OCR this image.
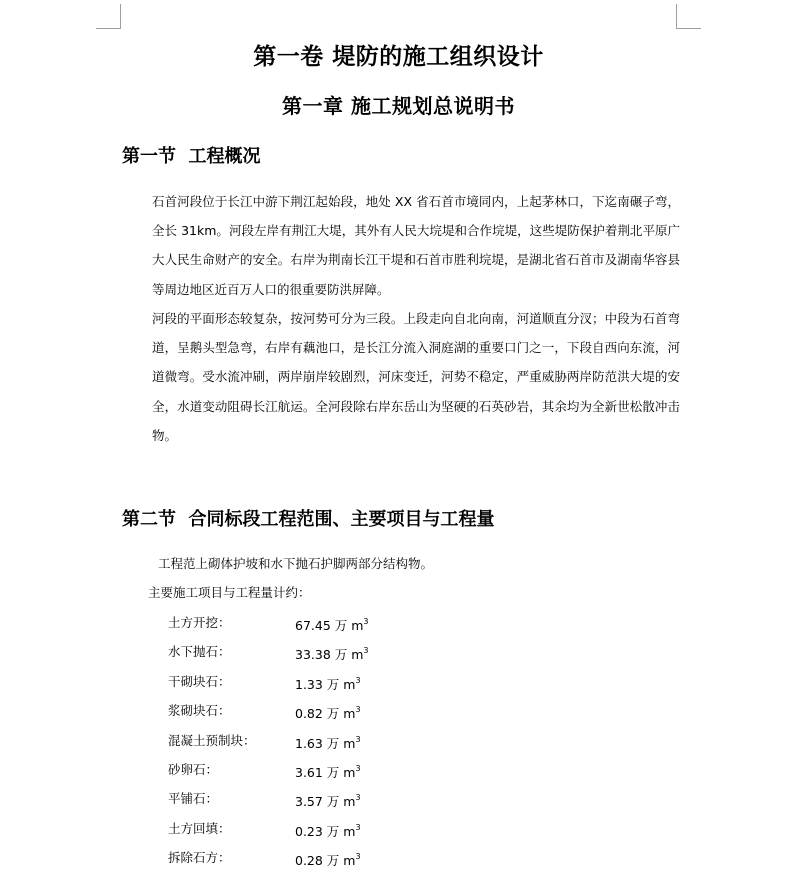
第一卷 堤防的施工组织设计
第一章 施工规划总说明书
第一节  工程概况

石首河段位于长江中游下荆江起始段，地处 XX 省石首市境同内，上起茅林口，下迄南碾子弯，全长 31km。河段左岸有荆江大堤，其外有人民大垸堤和合作垸堤，这些堤防保护着荆北平原广大人民生命财产的安全。右岸为荆南长江干堤和石首市胜利垸堤，是湖北省石首市及湖南华容县等周边地区近百万人口的很重要防洪屏障。

河段的平面形态较复杂，按河势可分为三段。上段走向自北向南，河道顺直分汊；中段为石首弯道，呈鹅头型急弯，右岸有藕池口，是长江分流入洞庭湖的重要口门之一，下段自西向东流，河道微弯。受水流冲刷，两岸崩岸较剧烈，河床变迁，河势不稳定，严重威胁两岸防范洪大堤的安全，水道变动阻碍长江航运。全河段除右岸东岳山为坚硬的石英砂岩，其余均为全新世松散冲击物。

第二节  合同标段工程范围、主要项目与工程量
工程范上砌体护坡和水下抛石护脚两部分结构物。
主要施工项目与工程量计约：
土方开挖：	67.45 万 $m^3$
水下抛石：	33.38 万 $m^3$
干砌块石：	1.33 万 $m^3$
浆砌块石：	0.82 万 $m^3$
混凝土预制块：	1.63 万 $m^3$
砂卵石：	3.61 万 $m^3$
平铺石：	3.57 万 $m^3$
土方回填：	0.23 万 $m^3$
拆除石方：	0.28 万 $m^3$
